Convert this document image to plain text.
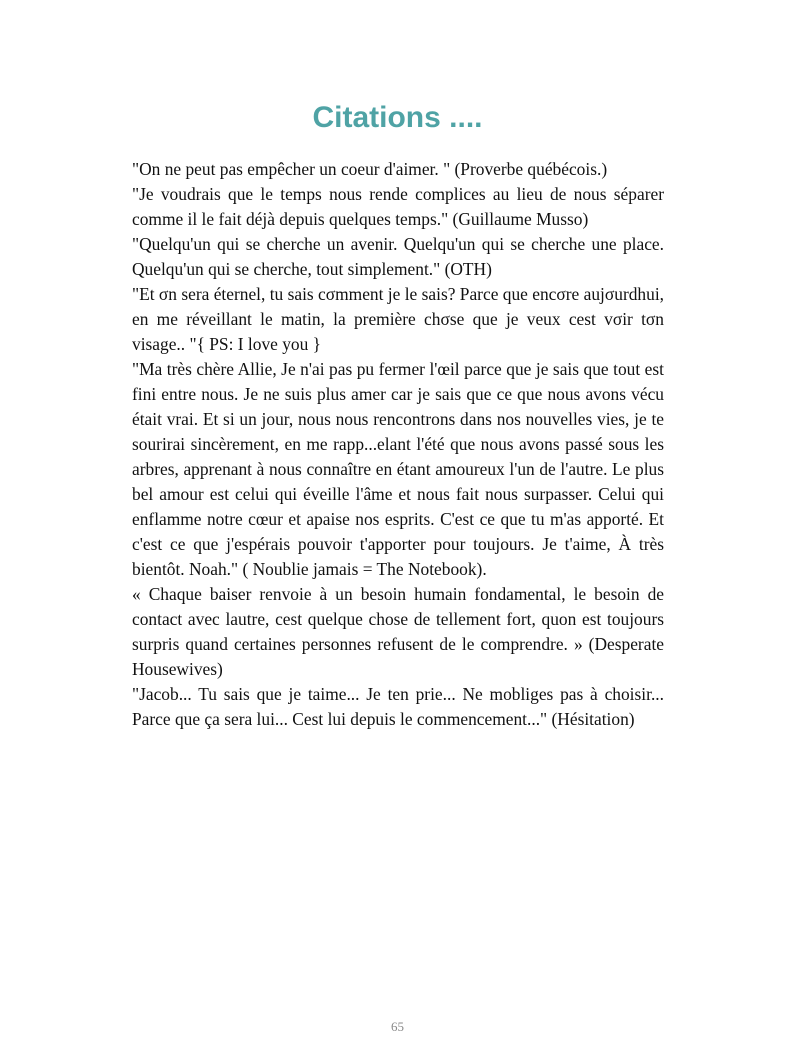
Citations ....

"On ne peut pas empêcher un coeur d'aimer. " (Proverbe québécois.)

"Je voudrais que le temps nous rende complices au lieu de nous séparer comme il le fait déjà depuis quelques temps." (Guillaume Musso)

"Quelqu'un qui se cherche un avenir. Quelqu'un qui se cherche une place. Quelqu'un qui se cherche, tout simplement." (OTH)

"Et σn sera éternel, tu sais cσmment je le sais? Parce que encσre aujσurdhui, en me réveillant le matin, la première chσse que je veux cest vσir tσn visage.. "{ PS: I love you }

"Ma très chère Allie, Je n'ai pas pu fermer l'œil parce que je sais que tout est fini entre nous. Je ne suis plus amer car je sais que ce que nous avons vécu était vrai. Et si un jour, nous nous rencontrons dans nos nouvelles vies, je te sourirai sincèrement, en me rapp...elant l'été que nous avons passé sous les arbres, apprenant à nous connaître en étant amoureux l'un de l'autre. Le plus bel amour est celui qui éveille l'âme et nous fait nous surpasser. Celui qui enflamme notre cœur et apaise nos esprits. C'est ce que tu m'as apporté. Et c'est ce que j'espérais pouvoir t'apporter pour toujours. Je t'aime, À très bientôt. Noah." ( Noublie jamais = The Notebook).

« Chaque baiser renvoie à un besoin humain fondamental, le besoin de contact avec lautre, cest quelque chose de tellement fort, quon est toujours surpris quand certaines personnes refusent de le comprendre. » (Desperate Housewives)

"Jacob... Tu sais que je taime... Je ten prie... Ne mobliges pas à choisir... Parce que ça sera lui... Cest lui depuis le commencement..." (Hésitation)

65
